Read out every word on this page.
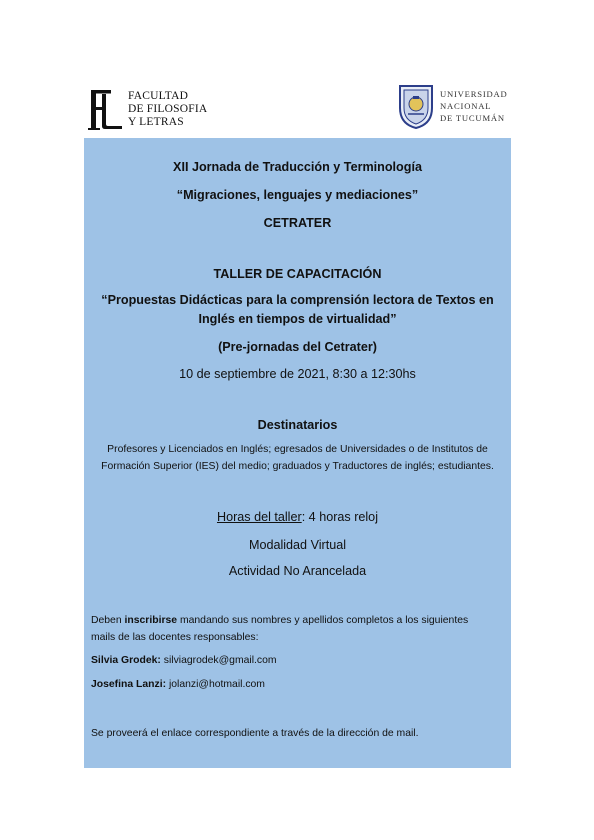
FACULTAD
DE FILOSOFIA
Y LETRAS
UNIVERSIDAD
NACIONAL
DE TUCUMÁN
XII Jornada de Traducción y Terminología
“Migraciones, lenguajes y mediaciones”
CETRATER
TALLER DE CAPACITACIÓN
“Propuestas Didácticas para la comprensión lectora de Textos en
Inglés en tiempos de virtualidad”
(Pre-jornadas del Cetrater)
10 de septiembre de 2021, 8:30 a 12:30hs
Destinatarios
Profesores y Licenciados en Inglés; egresados de Universidades o de Institutos de
Formación Superior (IES) del medio; graduados y Traductores de inglés; estudiantes.
Horas del taller: 4 horas reloj
Modalidad Virtual
Actividad No Arancelada
Deben inscribirse mandando sus nombres y apellidos completos a los siguientes
mails de las docentes responsables:
Silvia Grodek: silviagrodek@gmail.com
Josefina Lanzi: jolanzi@hotmail.com
Se proveerá el enlace correspondiente a través de la dirección de mail.
